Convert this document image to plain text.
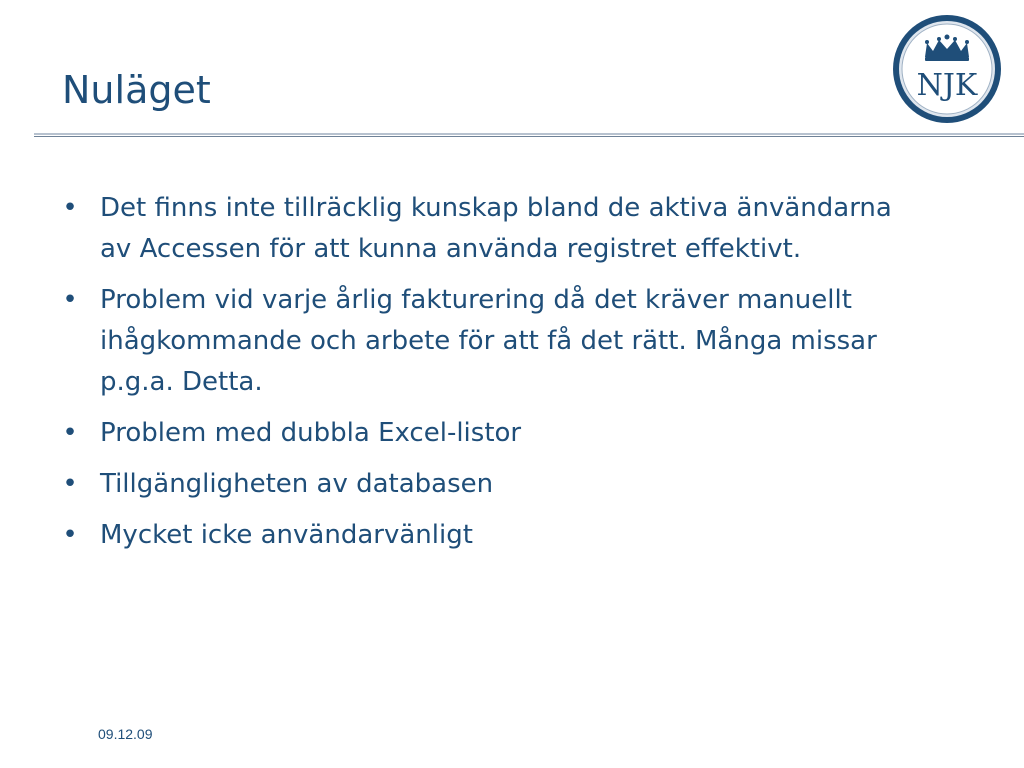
Nuläget	NJK
• Det finns inte tillräcklig kunskap bland de aktiva änvändarna av Accessen för att kunna använda registret effektivt.
• Problem vid varje årlig fakturering då det kräver manuellt ihågkommande och arbete för att få det rätt. Många missar p.g.a. Detta.
• Problem med dubbla Excel-listor
• Tillgängligheten av databasen
• Mycket icke användarvänligt
09.12.09
